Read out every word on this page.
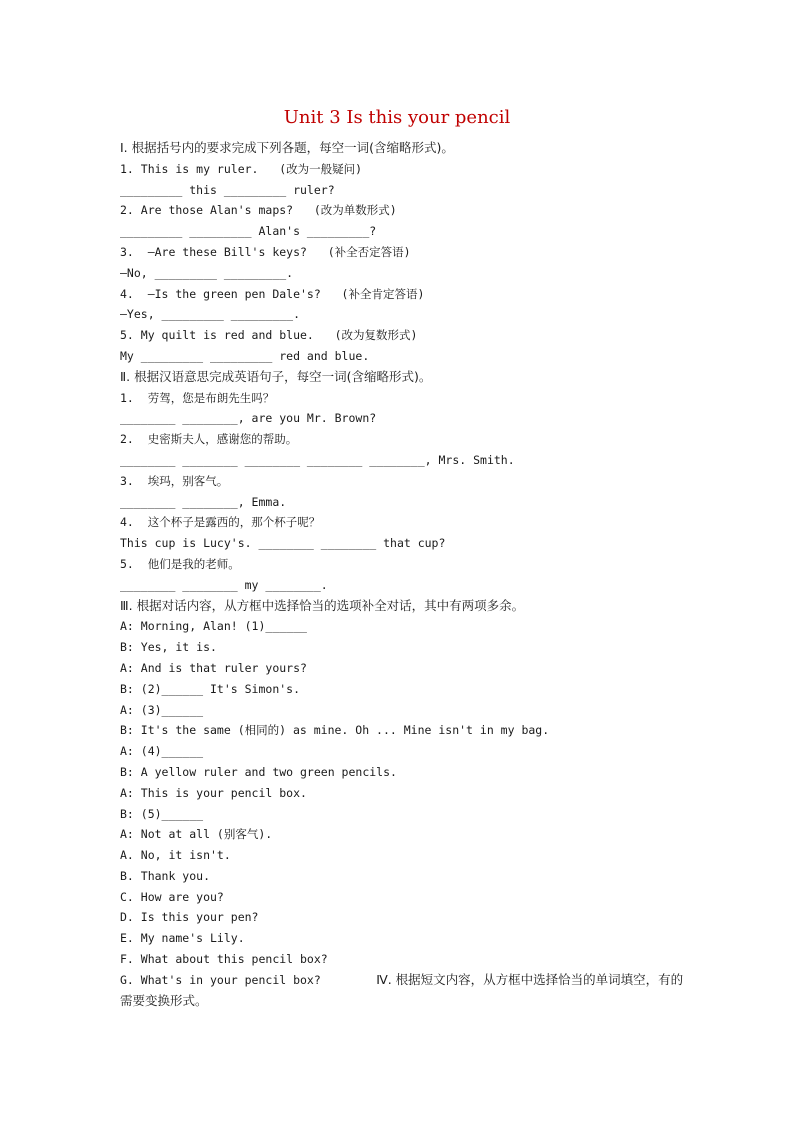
Unit 3 Is this your pencil
Ⅰ. 根据括号内的要求完成下列各题，每空一词(含缩略形式)。
1. This is my ruler.   (改为一般疑问)
_________ this _________ ruler?
2. Are those Alan's maps?   (改为单数形式)
_________ _________ Alan's _________?
3.  —Are these Bill's keys?   (补全否定答语)
—No, _________ _________.
4.  —Is the green pen Dale's?   (补全肯定答语)
—Yes, _________ _________.
5. My quilt is red and blue.   (改为复数形式)
My _________ _________ red and blue.
Ⅱ. 根据汉语意思完成英语句子，每空一词(含缩略形式)。
1.  劳驾，您是布朗先生吗？
________ ________, are you Mr. Brown?
2.  史密斯夫人，感谢您的帮助。
________ ________ ________ ________ ________, Mrs. Smith.
3.  埃玛，别客气。
________ ________, Emma.
4.  这个杯子是露西的，那个杯子呢？
This cup is Lucy's. ________ ________ that cup?
5.  他们是我的老师。
________ ________ my ________.
Ⅲ. 根据对话内容，从方框中选择恰当的选项补全对话，其中有两项多余。
A: Morning, Alan! (1)______
B: Yes, it is.
A: And is that ruler yours?
B: (2)______ It's Simon's.
A: (3)______
B: It's the same (相同的) as mine. Oh ... Mine isn't in my bag.
A: (4)______
B: A yellow ruler and two green pencils.
A: This is your pencil box.
B: (5)______
A: Not at all (别客气).
A. No, it isn't.
B. Thank you.
C. How are you?
D. Is this your pen?
E. My name's Lily.
F. What about this pencil box?
G. What's in your pencil box?	Ⅳ. 根据短文内容，从方框中选择恰当的单词填空，有的需要变换形式。
